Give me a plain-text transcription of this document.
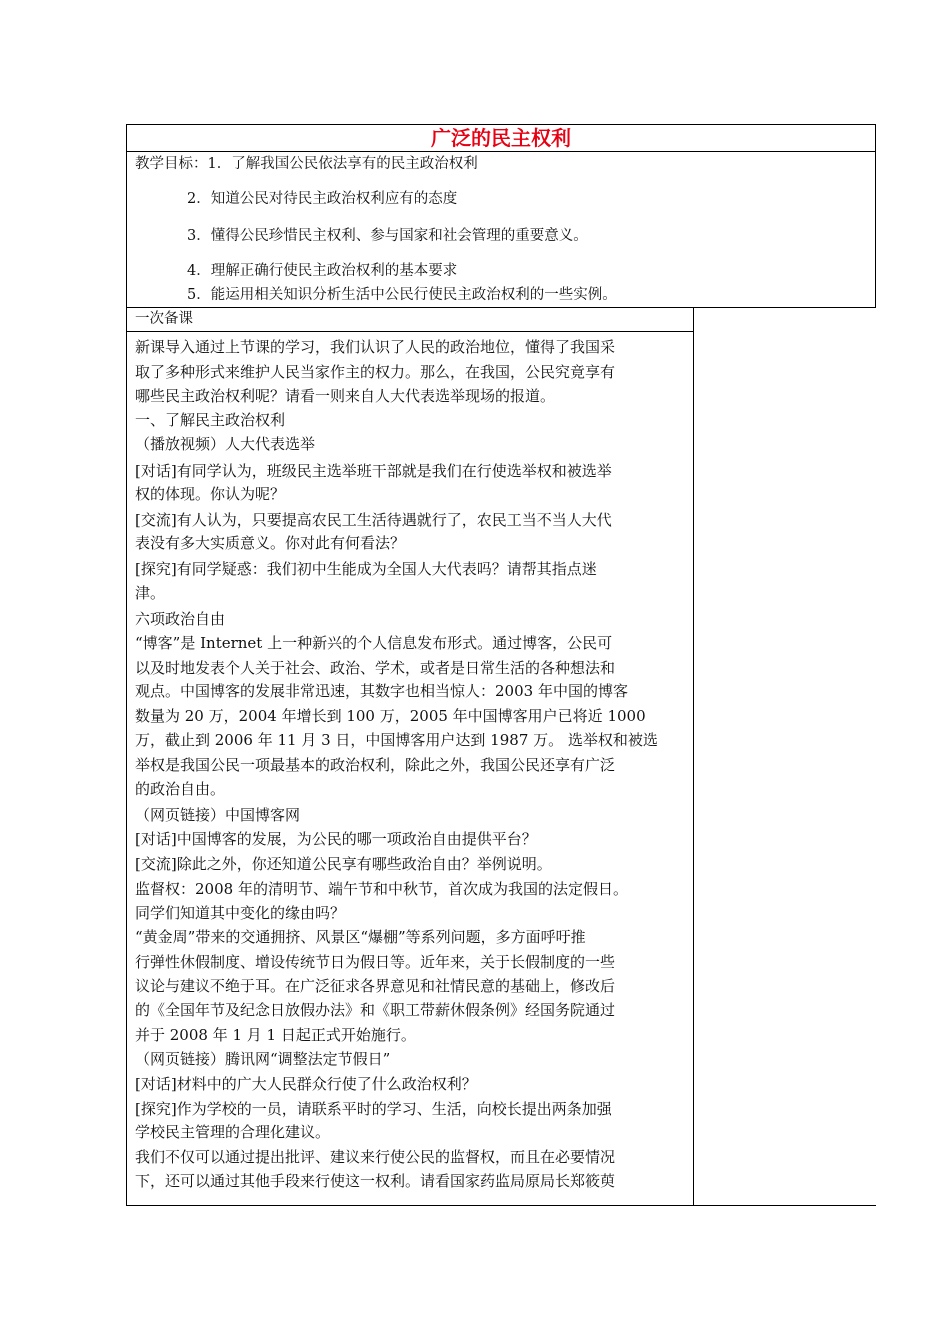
广泛的民主权利
教学目标：1．了解我国公民依法享有的民主政治权利
2．知道公民对待民主政治权利应有的态度
3．懂得公民珍惜民主权利、参与国家和社会管理的重要意义。
4．理解正确行使民主政治权利的基本要求
5．能运用相关知识分析生活中公民行使民主政治权利的一些实例。
一次备课
新课导入通过上节课的学习，我们认识了人民的政治地位，懂得了我国采
取了多种形式来维护人民当家作主的权力。那么，在我国，公民究竟享有
哪些民主政治权利呢？请看一则来自人大代表选举现场的报道。
一、了解民主政治权利
（播放视频）人大代表选举
[对话]有同学认为，班级民主选举班干部就是我们在行使选举权和被选举
权的体现。你认为呢？
[交流]有人认为，只要提高农民工生活待遇就行了，农民工当不当人大代
表没有多大实质意义。你对此有何看法？
[探究]有同学疑惑：我们初中生能成为全国人大代表吗？请帮其指点迷
津。
六项政治自由
“博客”是 Internet 上一种新兴的个人信息发布形式。通过博客，公民可
以及时地发表个人关于社会、政治、学术，或者是日常生活的各种想法和
观点。中国博客的发展非常迅速，其数字也相当惊人：2003 年中国的博客
数量为 20 万，2004 年增长到 100 万，2005 年中国博客用户已将近 1000
万，截止到 2006 年 11 月 3 日，中国博客用户达到 1987 万。 选举权和被选
举权是我国公民一项最基本的政治权利，除此之外，我国公民还享有广泛
的政治自由。
（网页链接）中国博客网
[对话]中国博客的发展，为公民的哪一项政治自由提供平台？
[交流]除此之外，你还知道公民享有哪些政治自由？举例说明。
监督权：2008 年的清明节、端午节和中秋节，首次成为我国的法定假日。
同学们知道其中变化的缘由吗？
“黄金周”带来的交通拥挤、风景区“爆棚”等系列问题，多方面呼吁推
行弹性休假制度、增设传统节日为假日等。近年来，关于长假制度的一些
议论与建议不绝于耳。在广泛征求各界意见和社情民意的基础上，修改后
的《全国年节及纪念日放假办法》和《职工带薪休假条例》经国务院通过
并于 2008 年 1 月 1 日起正式开始施行。
（网页链接）腾讯网“调整法定节假日”
[对话]材料中的广大人民群众行使了什么政治权利？
[探究]作为学校的一员，请联系平时的学习、生活，向校长提出两条加强
学校民主管理的合理化建议。
我们不仅可以通过提出批评、建议来行使公民的监督权，而且在必要情况
下，还可以通过其他手段来行使这一权利。请看国家药监局原局长郑筱萸
